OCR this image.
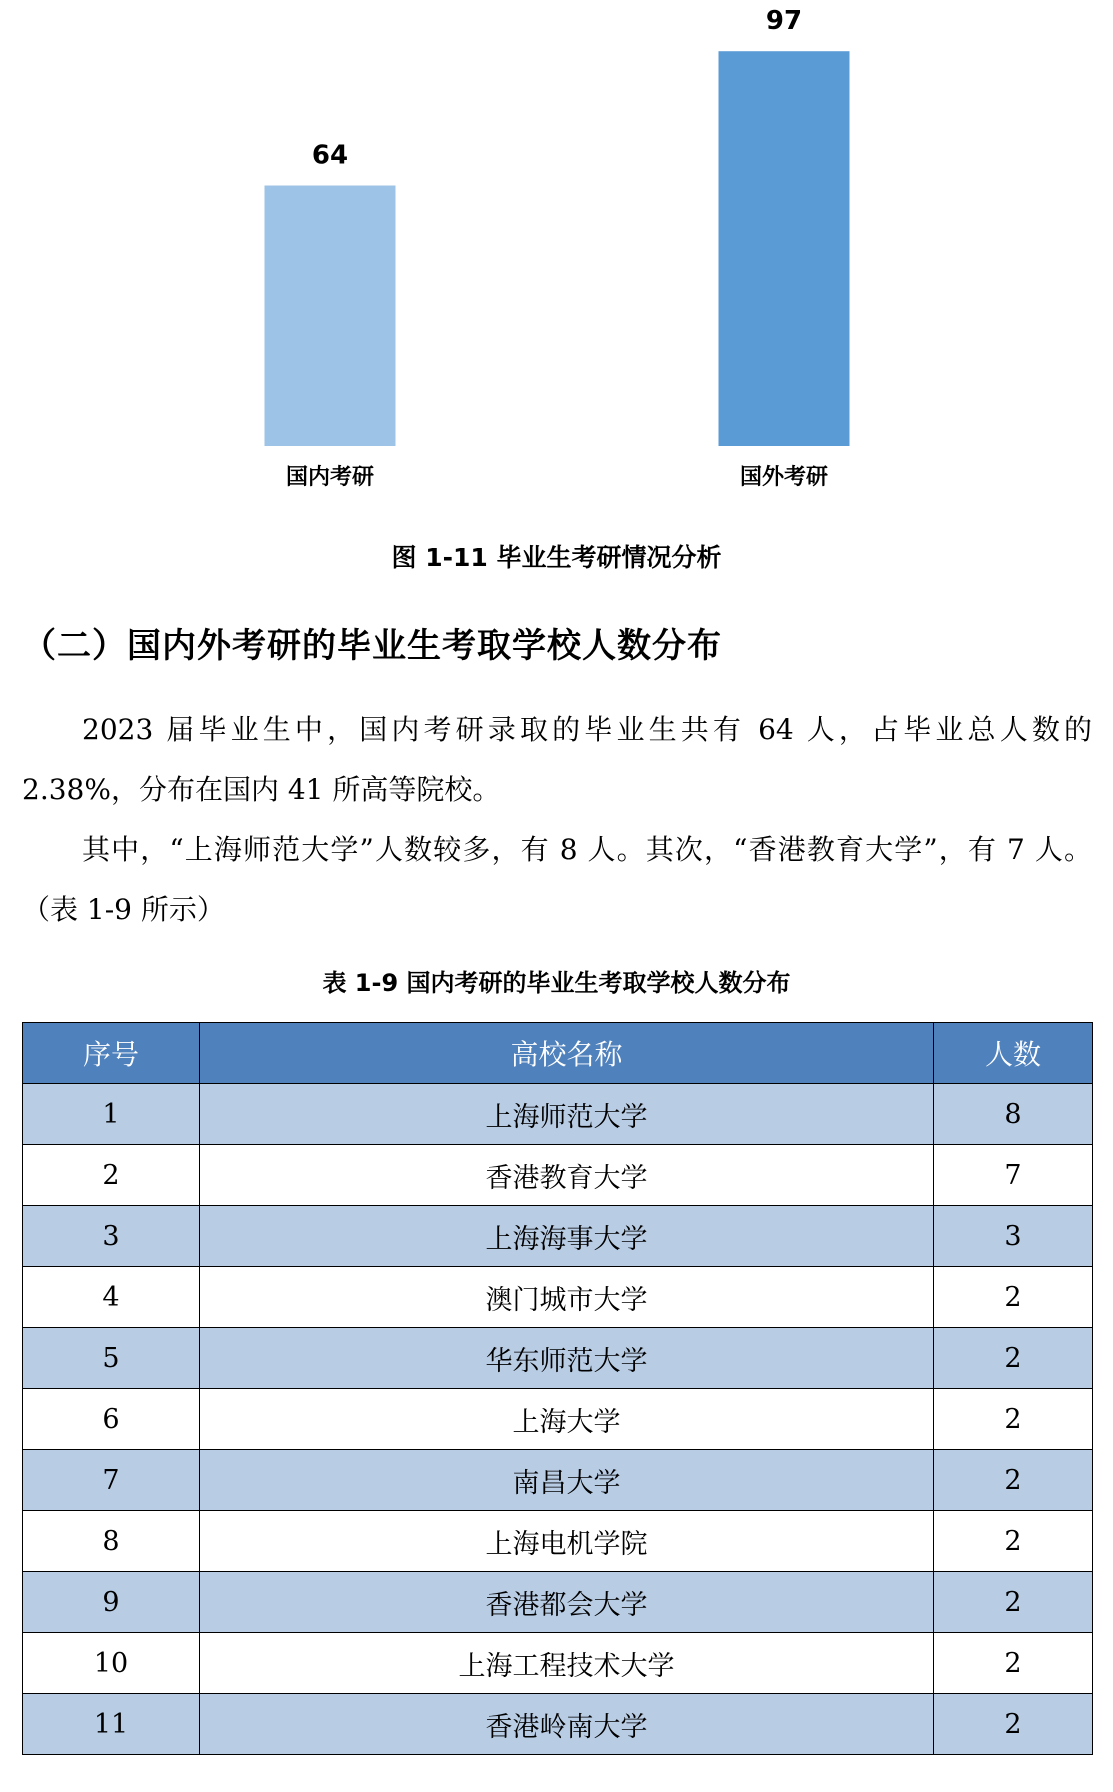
64
国内考研
97
国外考研
图 1-11 毕业生考研情况分析
（二）国内外考研的毕业生考取学校人数分布
2023 届毕业生中，国内考研录取的毕业生共有 64 人，占毕业总人数的 2.38%，分布在国内 41 所高等院校。
其中，“上海师范大学”人数较多，有 8 人。其次，“香港教育大学”，有 7 人。（表 1-9 所示）
表 1-9 国内考研的毕业生考取学校人数分布
序号	高校名称	人数
1	上海师范大学	8
2	香港教育大学	7
3	上海海事大学	3
4	澳门城市大学	2
5	华东师范大学	2
6	上海大学	2
7	南昌大学	2
8	上海电机学院	2
9	香港都会大学	2
10	上海工程技术大学	2
11	香港岭南大学	2
